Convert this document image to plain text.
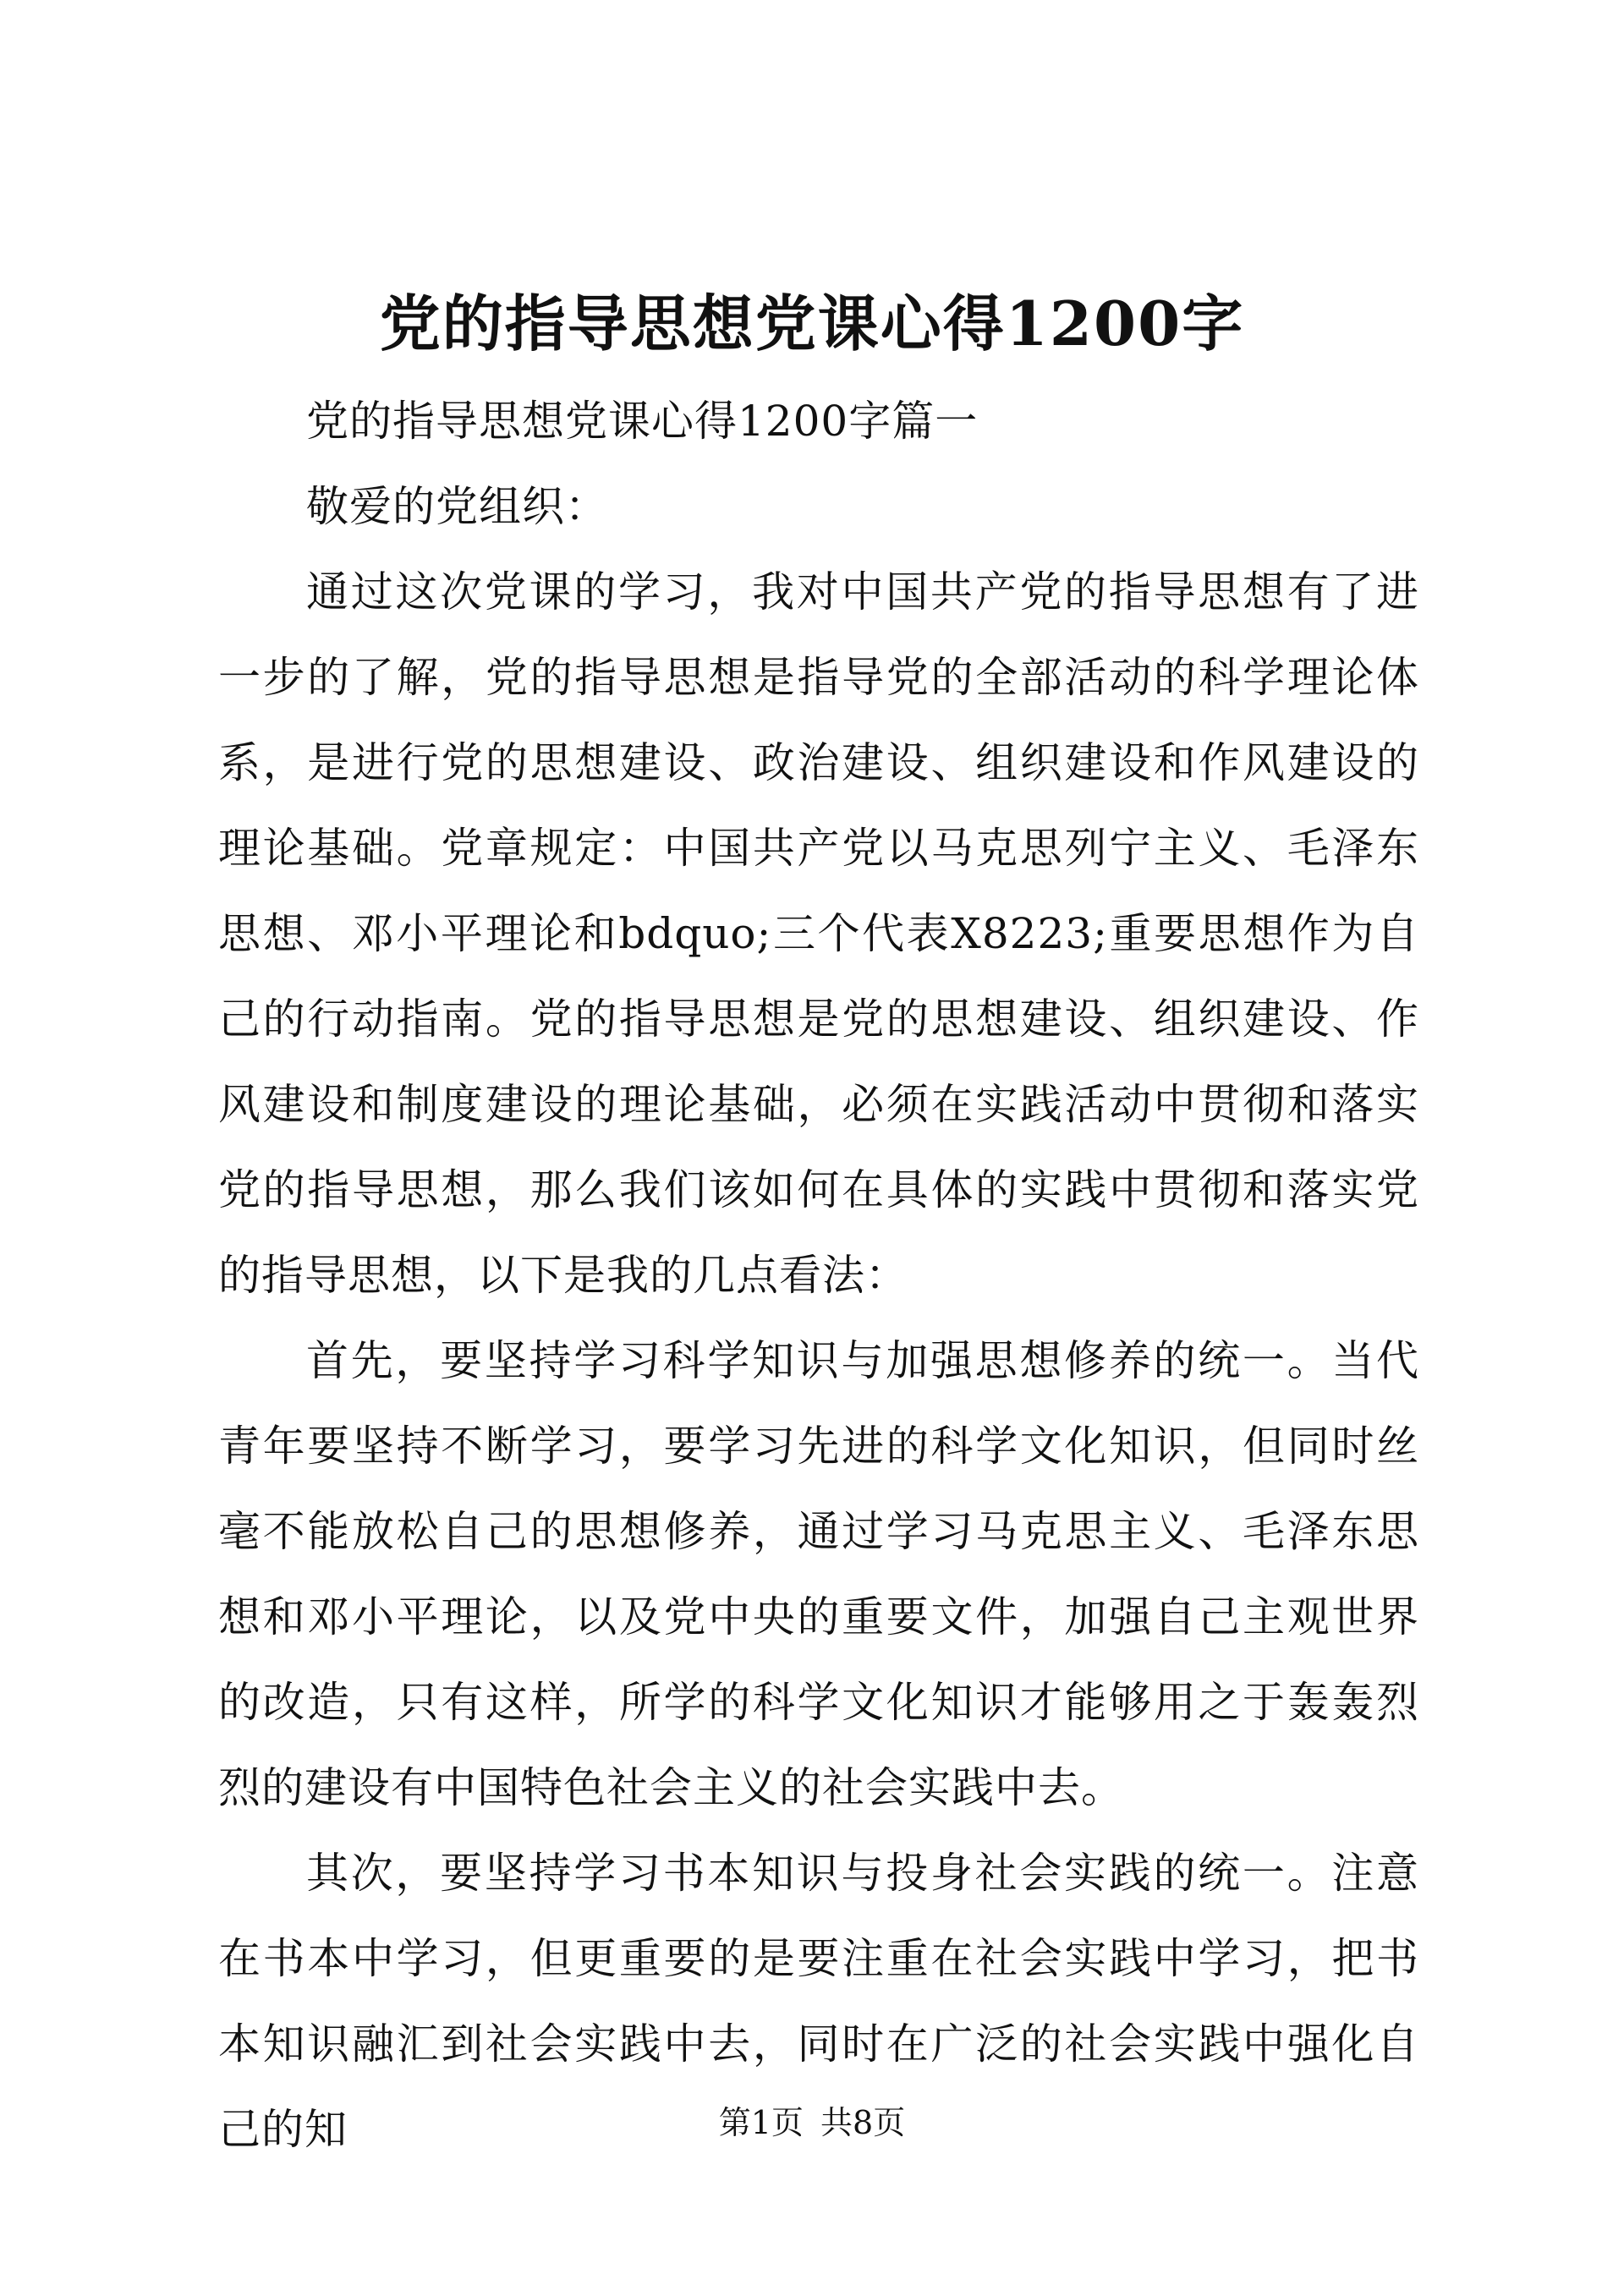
党的指导思想党课心得1200字

党的指导思想党课心得1200字篇一

敬爱的党组织：

通过这次党课的学习，我对中国共产党的指导思想有了进一步的了解，党的指导思想是指导党的全部活动的科学理论体系，是进行党的思想建设、政治建设、组织建设和作风建设的理论基础。党章规定：中国共产党以马克思列宁主义、毛泽东思想、邓小平理论和bdquo;三个代表X8223;重要思想作为自己的行动指南。党的指导思想是党的思想建设、组织建设、作风建设和制度建设的理论基础，必须在实践活动中贯彻和落实党的指导思想，那么我们该如何在具体的实践中贯彻和落实党的指导思想，以下是我的几点看法：

首先，要坚持学习科学知识与加强思想修养的统一。当代青年要坚持不断学习，要学习先进的科学文化知识，但同时丝毫不能放松自己的思想修养，通过学习马克思主义、毛泽东思想和邓小平理论，以及党中央的重要文件，加强自己主观世界的改造，只有这样，所学的科学文化知识才能够用之于轰轰烈烈的建设有中国特色社会主义的社会实践中去。

其次，要坚持学习书本知识与投身社会实践的统一。注意在书本中学习，但更重要的是要注重在社会实践中学习，把书本知识融汇到社会实践中去，同时在广泛的社会实践中强化自己的知	第1页 共8页
